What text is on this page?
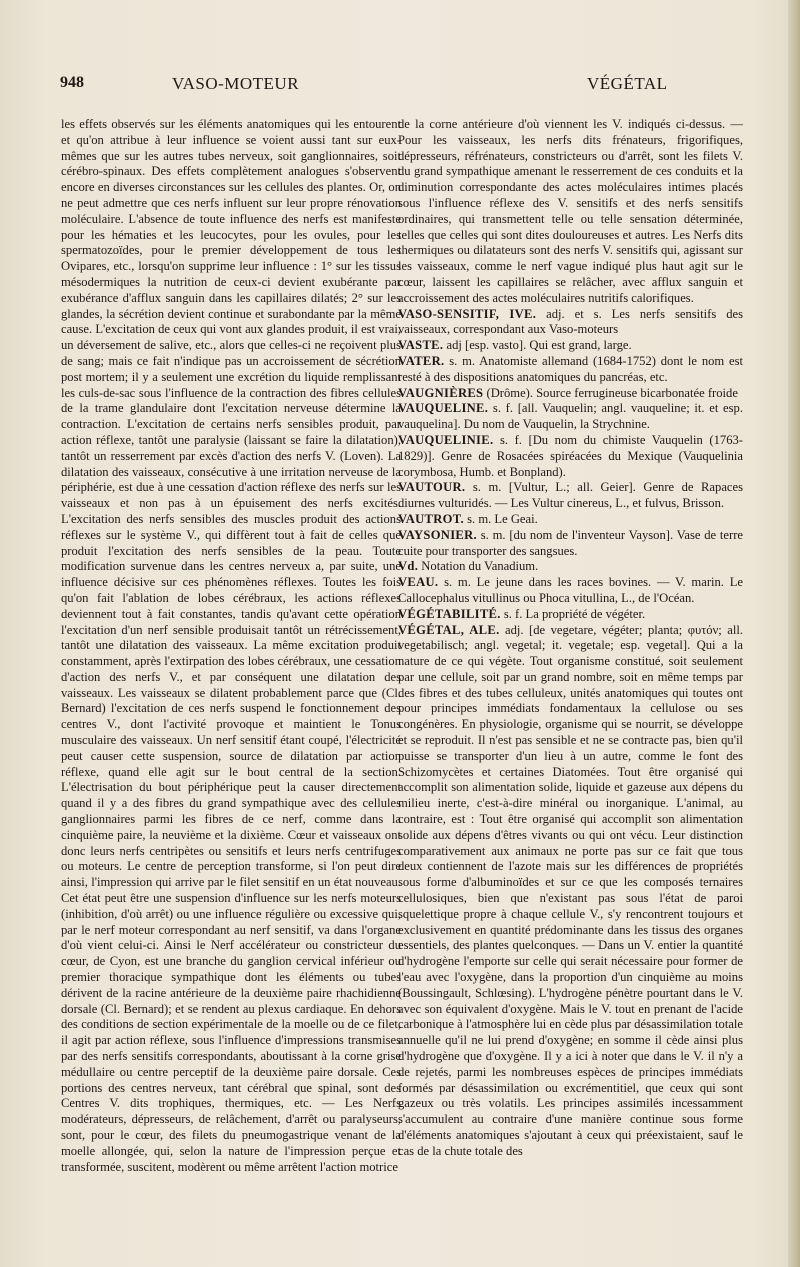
948	VASO-MOTEUR	VÉGÉTAL

les effets observés sur les éléments anatomiques qui les entourent et qu'on attribue à leur influence se voient aussi tant sur eux-mêmes que sur les autres tubes nerveux, soit ganglionnaires, soit cérébro-spinaux. Des effets complètement analogues s'observent encore en diverses circonstances sur les cellules des plantes. Or, on ne peut admettre que ces nerfs influent sur leur propre rénovation moléculaire. L'absence de toute influence des nerfs est manifeste pour les hématies et les leucocytes, pour les ovules, pour les spermatozoïdes, pour le premier développement de tous les Ovipares, etc., lorsqu'on supprime leur influence : 1° sur les tissus mésodermiques la nutrition de ceux-ci devient exubérante par exubérance d'afflux sanguin dans les capillaires dilatés; 2° sur les glandes, la sécrétion devient continue et surabondante par la même cause. L'excitation de ceux qui vont aux glandes produit, il est vrai, un déversement de salive, etc., alors que celles-ci ne reçoivent plus de sang; mais ce fait n'indique pas un accroissement de sécrétion post mortem; il y a seulement une excrétion du liquide remplissant les culs-de-sac sous l'influence de la contraction des fibres cellules de la trame glandulaire dont l'excitation nerveuse détermine la contraction. L'excitation de certains nerfs sensibles produit, par action réflexe, tantôt une paralysie (laissant se faire la dilatation), tantôt un resserrement par excès d'action des nerfs V. (Loven). La dilatation des vaisseaux, consécutive à une irritation nerveuse de la périphérie, est due à une cessation d'action réflexe des nerfs sur les vaisseaux et non pas à un épuisement des nerfs excités. L'excitation des nerfs sensibles des muscles produit des actions réflexes sur le système V., qui diffèrent tout à fait de celles que produit l'excitation des nerfs sensibles de la peau. Toute modification survenue dans les centres nerveux a, par suite, une influence décisive sur ces phénomènes réflexes. Toutes les fois qu'on fait l'ablation de lobes cérébraux, les actions réflexes deviennent tout à fait constantes, tandis qu'avant cette opération l'excitation d'un nerf sensible produisait tantôt un rétrécissement, tantôt une dilatation des vaisseaux. La même excitation produit constamment, après l'extirpation des lobes cérébraux, une cessation d'action des nerfs V., et par conséquent une dilatation des vaisseaux. Les vaisseaux se dilatent probablement parce que (Cl. Bernard) l'excitation de ces nerfs suspend le fonctionnement des centres V., dont l'activité provoque et maintient le Tonus musculaire des vaisseaux. Un nerf sensitif étant coupé, l'électricité peut causer cette suspension, source de dilatation par action réflexe, quand elle agit sur le bout central de la section. L'électrisation du bout périphérique peut la causer directement quand il y a des fibres du grand sympathique avec des cellules ganglionnaires parmi les fibres de ce nerf, comme dans la cinquième paire, la neuvième et la dixième. Cœur et vaisseaux ont donc leurs nerfs centripètes ou sensitifs et leurs nerfs centrifuges ou moteurs. Le centre de perception transforme, si l'on peut dire ainsi, l'impression qui arrive par le filet sensitif en un état nouveau. Cet état peut être une suspension d'influence sur les nerfs moteurs (inhibition, d'où arrêt) ou une influence régulière ou excessive qui, par le nerf moteur correspondant au nerf sensitif, va dans l'organe d'où vient celui-ci. Ainsi le Nerf accélérateur ou constricteur du cœur, de Cyon, est une branche du ganglion cervical inférieur ou premier thoracique sympathique dont les éléments ou tubes dérivent de la racine antérieure de la deuxième paire rhachidienne dorsale (Cl. Bernard); et se rendent au plexus cardiaque. En dehors des conditions de section expérimentale de la moelle ou de ce filet, il agit par action réflexe, sous l'influence d'impressions transmises par des nerfs sensitifs correspondants, aboutissant à la corne grise médullaire ou centre perceptif de la deuxième paire dorsale. Ces portions des centres nerveux, tant cérébral que spinal, sont des Centres V. dits trophiques, thermiques, etc. — Les Nerfs modérateurs, dépresseurs, de relâchement, d'arrêt ou paralyseurs, sont, pour le cœur, des filets du pneumogastrique venant de la moelle allongée, qui, selon la nature de l'impression perçue et transformée, suscitent, modèrent ou même arrêtent l'action motrice

de la corne antérieure d'où viennent les V. indiqués ci-dessus. — Pour les vaisseaux, les nerfs dits frénateurs, frigorifiques, dépresseurs, réfrénateurs, constricteurs ou d'arrêt, sont les filets V. du grand sympathique amenant le resserrement de ces conduits et la diminution correspondante des actes moléculaires intimes placés sous l'influence réflexe des V. sensitifs et des nerfs sensitifs ordinaires, qui transmettent telle ou telle sensation déterminée, telles que celles qui sont dites douloureuses et autres. Les Nerfs dits thermiques ou dilatateurs sont des nerfs V. sensitifs qui, agissant sur les vaisseaux, comme le nerf vague indiqué plus haut agit sur le cœur, laissent les capillaires se relâcher, avec afflux sanguin et accroissement des actes moléculaires nutritifs calorifiques.

VASO-SENSITIF, IVE. adj. et s. Les nerfs sensitifs des vaisseaux, correspondant aux Vaso-moteurs

VASTE. adj [esp. vasto]. Qui est grand, large.

VATER. s. m. Anatomiste allemand (1684-1752) dont le nom est resté à des dispositions anatomiques du pancréas, etc.

VAUGNIÈRES (Drôme). Source ferrugineuse bicarbonatée froide

VAUQUELINE. s. f. [all. Vauquelin; angl. vauqueline; it. et esp. vauquelina]. Du nom de Vauquelin, la Strychnine.

VAUQUELINIE. s. f. [Du nom du chimiste Vauquelin (1763-1829)]. Genre de Rosacées spiréacées du Mexique (Vauquelinia corymbosa, Humb. et Bonpland).

VAUTOUR. s. m. [Vultur, L.; all. Geier]. Genre de Rapaces diurnes vulturidés. — Les Vultur cinereus, L., et fulvus, Brisson.

VAUTROT. s. m. Le Geai.

VAYSONIER. s. m. [du nom de l'inventeur Vayson]. Vase de terre cuite pour transporter des sangsues.

Vd. Notation du Vanadium.

VEAU. s. m. Le jeune dans les races bovines. — V. marin. Le Callocephalus vitullinus ou Phoca vitullina, L., de l'Océan.

VÉGÉTABILITÉ. s. f. La propriété de végéter.

VÉGÉTAL, ALE. adj. [de vegetare, végéter; planta; φυτόν; all. vegetabilisch; angl. vegetal; it. vegetale; esp. vegetal]. Qui a la nature de ce qui végète. Tout organisme constitué, soit seulement par une cellule, soit par un grand nombre, soit en même temps par des fibres et des tubes celluleux, unités anatomiques qui toutes ont pour principes immédiats fondamentaux la cellulose ou ses congénères. En physiologie, organisme qui se nourrit, se développe et se reproduit. Il n'est pas sensible et ne se contracte pas, bien qu'il puisse se transporter d'un lieu à un autre, comme le font des Schizomycètes et certaines Diatomées. Tout être organisé qui accomplit son alimentation solide, liquide et gazeuse aux dépens du milieu inerte, c'est-à-dire minéral ou inorganique. L'animal, au contraire, est : Tout être organisé qui accomplit son alimentation solide aux dépens d'êtres vivants ou qui ont vécu. Leur distinction comparativement aux animaux ne porte pas sur ce fait que tous deux contiennent de l'azote mais sur les différences de propriétés sous forme d'albuminoïdes et sur ce que les composés ternaires cellulosiques, bien que n'existant pas sous l'état de paroi squelettique propre à chaque cellule V., s'y rencontrent toujours et exclusivement en quantité prédominante dans les tissus des organes essentiels, des plantes quelconques. — Dans un V. entier la quantité d'hydrogène l'emporte sur celle qui serait nécessaire pour former de l'eau avec l'oxygène, dans la proportion d'un cinquième au moins (Boussingault, Schlœsing). L'hydrogène pénètre pourtant dans le V. avec son équivalent d'oxygène. Mais le V. tout en prenant de l'acide carbonique à l'atmosphère lui en cède plus par désassimilation totale annuelle qu'il ne lui prend d'oxygène; en somme il cède ainsi plus d'hydrogène que d'oxygène. Il y a ici à noter que dans le V. il n'y a de rejetés, parmi les nombreuses espèces de principes immédiats formés par désassimilation ou excrémentitiel, que ceux qui sont gazeux ou très volatils. Les principes assimilés incessamment s'accumulent au contraire d'une manière continue sous forme d'éléments anatomiques s'ajoutant à ceux qui préexistaient, sauf le cas de la chute totale des
